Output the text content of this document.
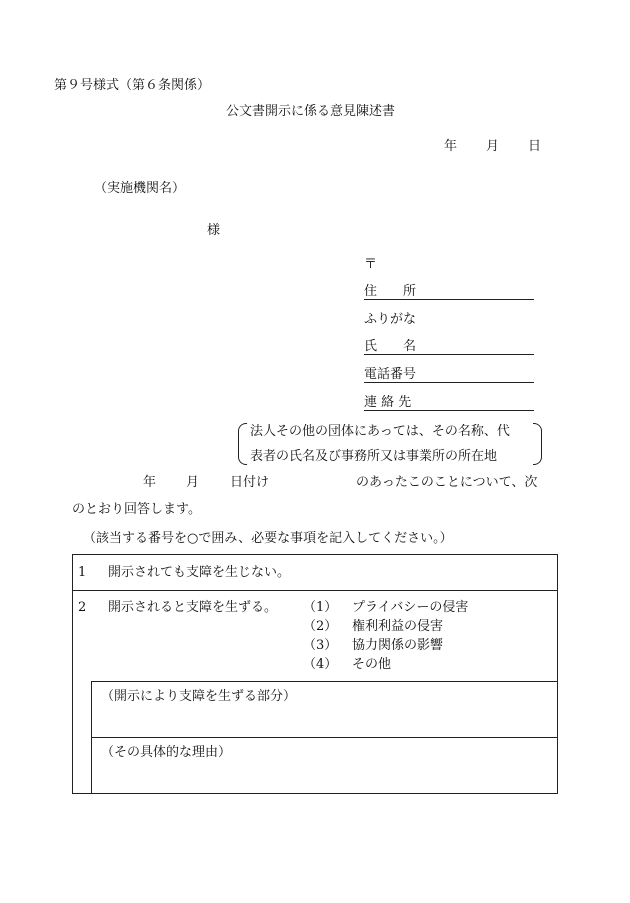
第９号様式（第６条関係）
公文書開示に係る意見陳述書
年 月 日
（実施機関名）
様
〒
住　　所
ふりがな
氏　　名
電話番号
連 絡 先
法人その他の団体にあっては、その名称、代
表者の氏名及び事務所又は事業所の所在地
年 月 日付け	のあったこのことについて、次
のとおり回答します。
（該当する番号を○で囲み、必要な事項を記入してください。）
1 開示されても支障を生じない。
2 開示されると支障を生ずる。 （1） プライバシーの侵害
（2） 権利利益の侵害
（3） 協力関係の影響
（4） その他
（開示により支障を生ずる部分）
（その具体的な理由）
